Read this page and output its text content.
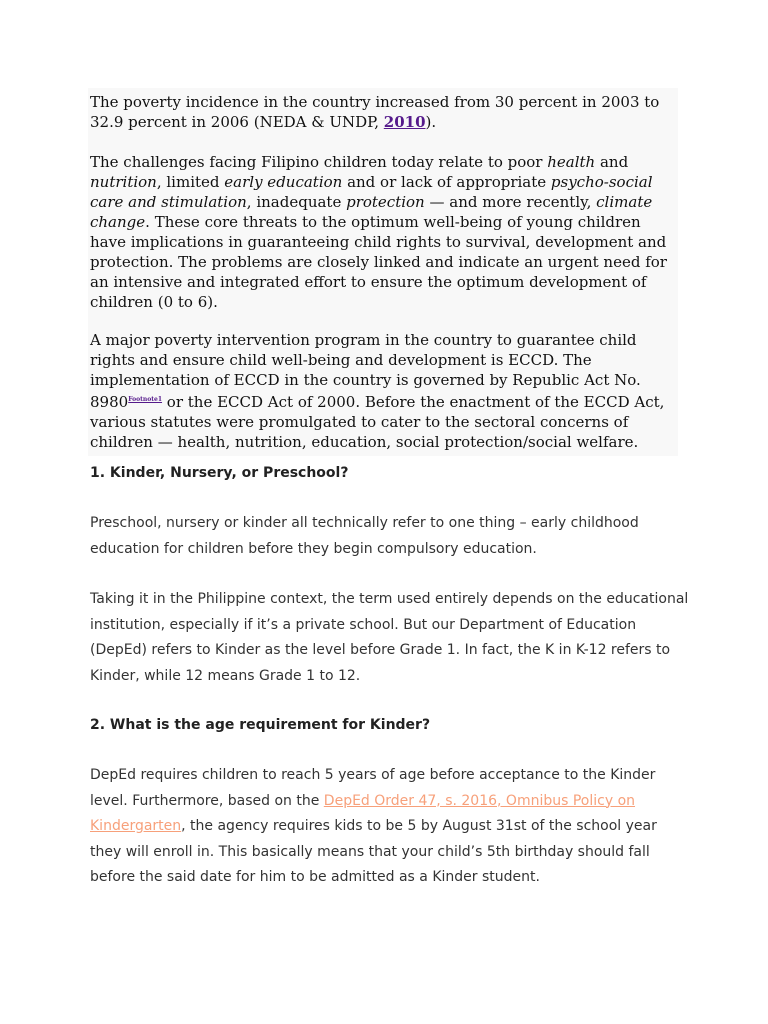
The poverty incidence in the country increased from 30 percent in 2003 to 32.9 percent in 2006 (NEDA & UNDP, 2010).

The challenges facing Filipino children today relate to poor health and nutrition, limited early education and or lack of appropriate psycho-social care and stimulation, inadequate protection — and more recently, climate change. These core threats to the optimum well-being of young children have implications in guaranteeing child rights to survival, development and protection. The problems are closely linked and indicate an urgent need for an intensive and integrated effort to ensure the optimum development of children (0 to 6).

A major poverty intervention program in the country to guarantee child rights and ensure child well-being and development is ECCD. The implementation of ECCD in the country is governed by Republic Act No. 8980$^{Footnote1}$ or the ECCD Act of 2000. Before the enactment of the ECCD Act, various statutes were promulgated to cater to the sectoral concerns of children — health, nutrition, education, social protection/social welfare.

1. Kinder, Nursery, or Preschool?

Preschool, nursery or kinder all technically refer to one thing – early childhood education for children before they begin compulsory education.

Taking it in the Philippine context, the term used entirely depends on the educational institution, especially if it’s a private school. But our Department of Education (DepEd) refers to Kinder as the level before Grade 1. In fact, the K in K-12 refers to Kinder, while 12 means Grade 1 to 12.

2. What is the age requirement for Kinder?

DepEd requires children to reach 5 years of age before acceptance to the Kinder level. Furthermore, based on the DepEd Order 47, s. 2016, Omnibus Policy on Kindergarten, the agency requires kids to be 5 by August 31st of the school year they will enroll in. This basically means that your child’s 5th birthday should fall before the said date for him to be admitted as a Kinder student.
